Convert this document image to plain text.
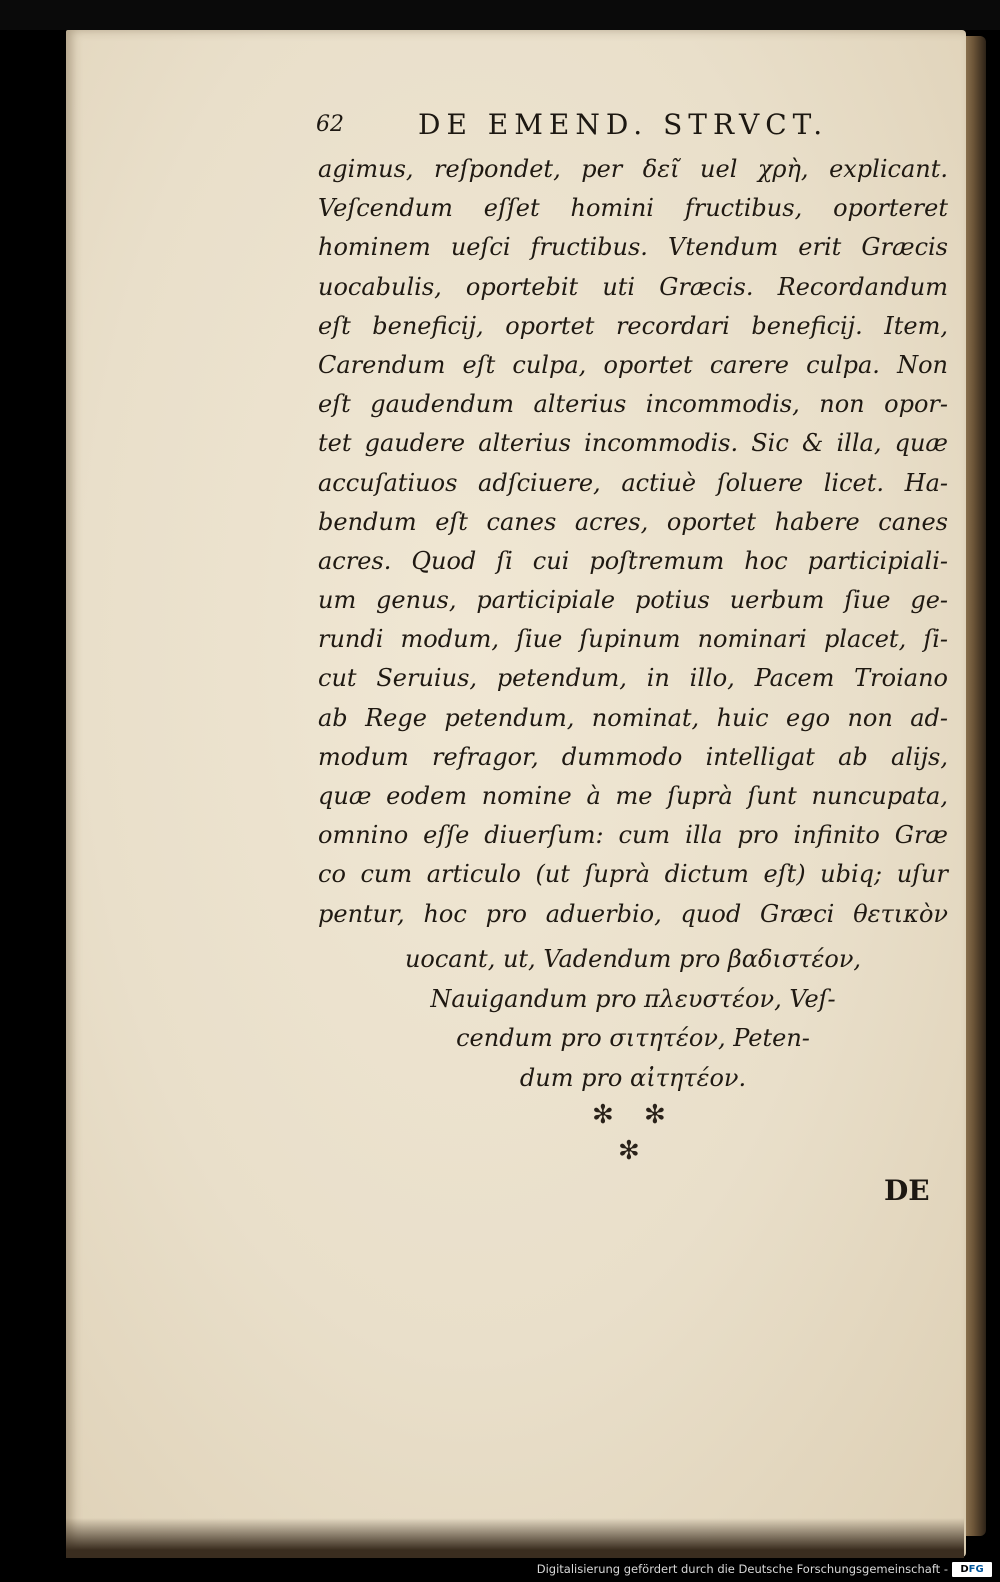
62	DE EMEND. STRVCT.
agimus, reſpondet, per δεῖ uel χρὴ, explicant.
Veſcendum eſſet homini fructibus, oporteret
hominem ueſci fructibus. Vtendum erit Græcis
uocabulis, oportebit uti Græcis. Recordandum
eſt beneficij, oportet recordari beneficij. Item,
Carendum eſt culpa, oportet carere culpa. Non
eſt gaudendum alterius incommodis, non opor-
tet gaudere alterius incommodis. Sic & illa, quæ
accuſatiuos adſciuere, actiuè ſoluere licet. Ha-
bendum eſt canes acres, oportet habere canes
acres. Quod ſi cui poſtremum hoc participiali-
um genus, participiale potius uerbum ſiue ge-
rundi modum, ſiue ſupinum nominari placet, ſi-
cut Seruius, petendum, in illo, Pacem Troiano
ab Rege petendum, nominat, huic ego non ad-
modum refragor, dummodo intelligat ab alijs,
quæ eodem nomine à me ſuprà ſunt nuncupata,
omnino eſſe diuerſum: cum illa pro infinito Græ
co cum articulo (ut ſuprà dictum eſt) ubiq; uſur
pentur, hoc pro aduerbio, quod Græci θετικὸν
uocant, ut, Vadendum pro βαδιστέον,
Nauigandum pro πλευστέον, Veſ-
cendum pro σιτητέον, Peten-
dum pro αἰτητέον.
✻ ✻
✻
DE
Digitalisierung gefördert durch die Deutsche Forschungsgemeinschaft -	DFG
